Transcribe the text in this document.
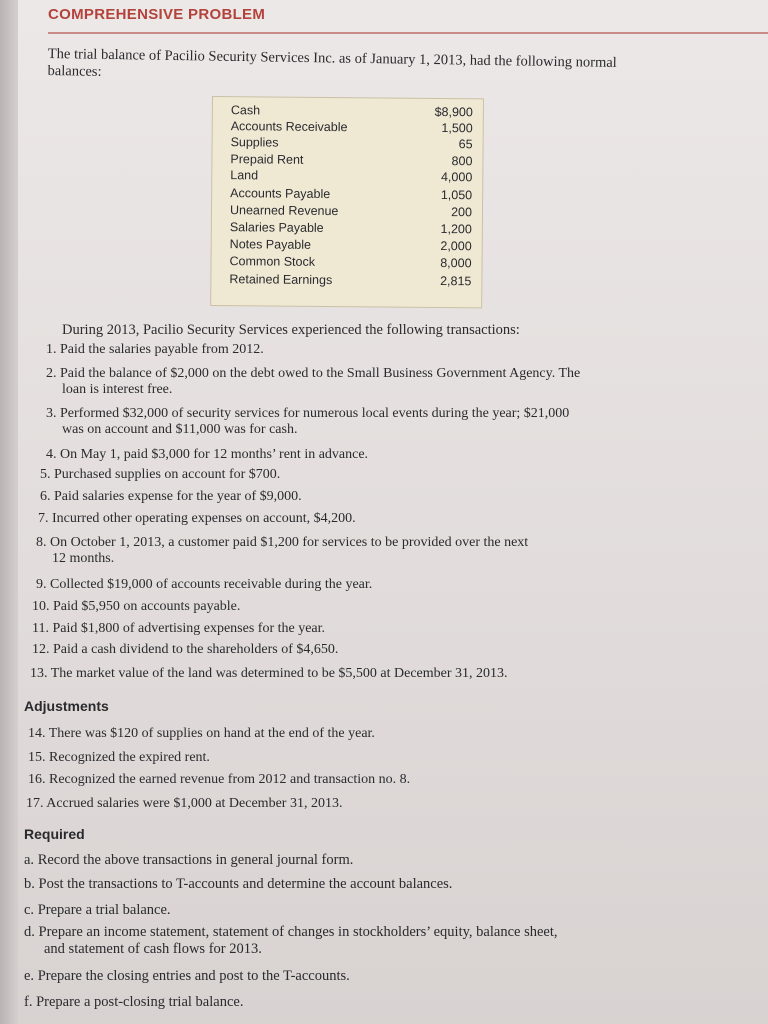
COMPREHENSIVE PROBLEM
The trial balance of Pacilio Security Services Inc. as of January 1, 2013, had the following normal balances:
Cash	$8,900
Accounts Receivable	1,500
Supplies	65
Prepaid Rent	800
Land	4,000
Accounts Payable	1,050
Unearned Revenue	200
Salaries Payable	1,200
Notes Payable	2,000
Common Stock	8,000
Retained Earnings	2,815
During 2013, Pacilio Security Services experienced the following transactions:
1. Paid the salaries payable from 2012.
2. Paid the balance of $2,000 on the debt owed to the Small Business Government Agency. The
loan is interest free.
3. Performed $32,000 of security services for numerous local events during the year; $21,000
was on account and $11,000 was for cash.
4. On May 1, paid $3,000 for 12 months’ rent in advance.
5. Purchased supplies on account for $700.
6. Paid salaries expense for the year of $9,000.
7. Incurred other operating expenses on account, $4,200.
8. On October 1, 2013, a customer paid $1,200 for services to be provided over the next
12 months.
9. Collected $19,000 of accounts receivable during the year.
10. Paid $5,950 on accounts payable.
11. Paid $1,800 of advertising expenses for the year.
12. Paid a cash dividend to the shareholders of $4,650.
13. The market value of the land was determined to be $5,500 at December 31, 2013.
Adjustments
14. There was $120 of supplies on hand at the end of the year.
15. Recognized the expired rent.
16. Recognized the earned revenue from 2012 and transaction no. 8.
17. Accrued salaries were $1,000 at December 31, 2013.
Required
a. Record the above transactions in general journal form.
b. Post the transactions to T-accounts and determine the account balances.
c. Prepare a trial balance.
d. Prepare an income statement, statement of changes in stockholders’ equity, balance sheet,
and statement of cash flows for 2013.
e. Prepare the closing entries and post to the T-accounts.
f. Prepare a post-closing trial balance.
